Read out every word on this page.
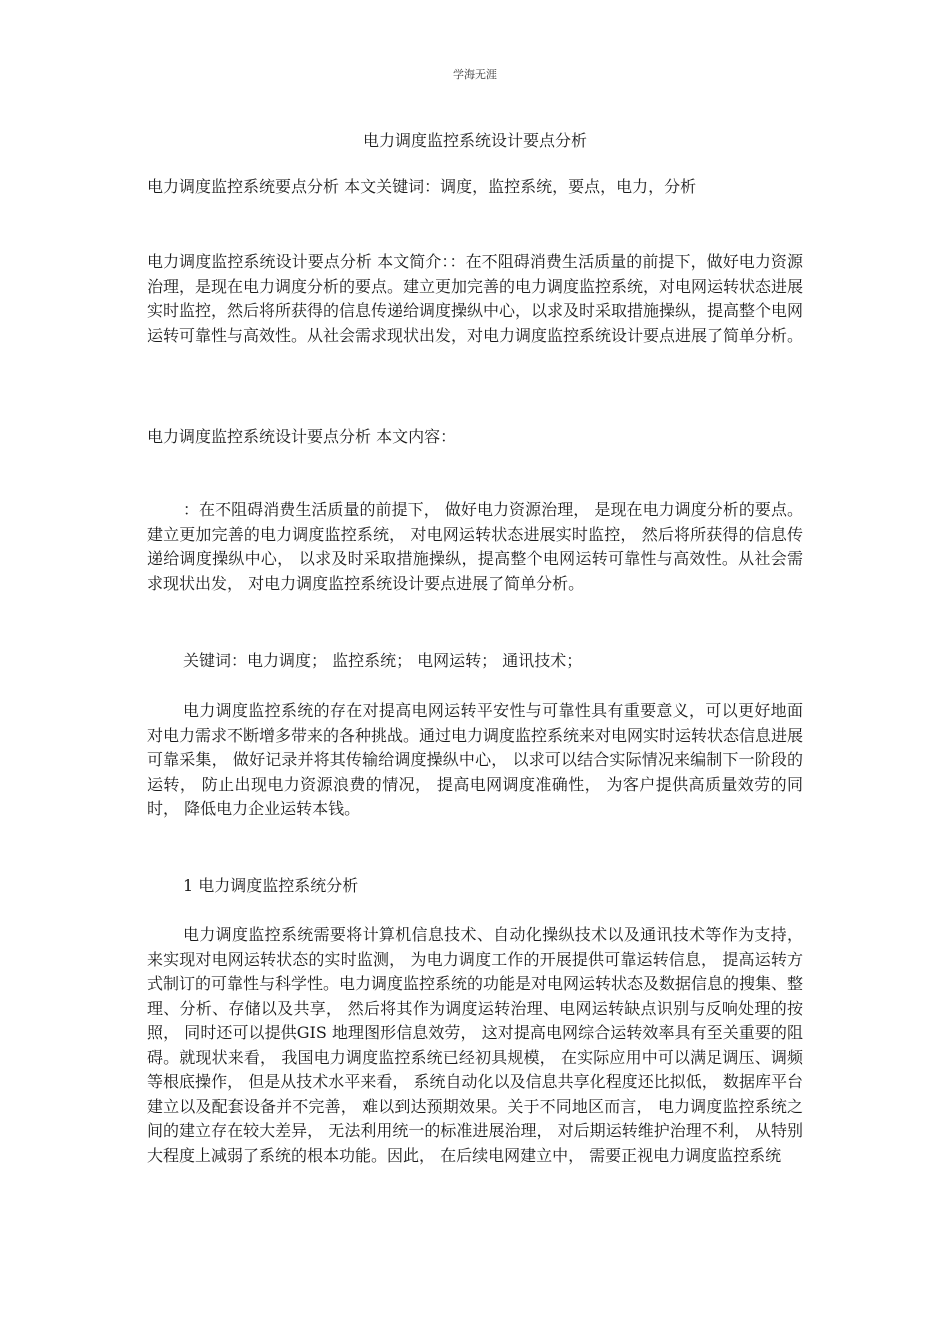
学海无涯
电力调度监控系统设计要点分析

电力调度监控系统要点分析 本文关键词：调度，监控系统，要点，电力，分析

电力调度监控系统设计要点分析 本文简介：：在不阻碍消费生活质量的前提下，做好电力资源治理，是现在电力调度分析的要点。建立更加完善的电力调度监控系统，对电网运转状态进展实时监控，然后将所获得的信息传递给调度操纵中心，以求及时采取措施操纵，提高整个电网运转可靠性与高效性。从社会需求现状出发，对电力调度监控系统设计要点进展了简单分析。

电力调度监控系统设计要点分析 本文内容：

：在不阻碍消费生活质量的前提下， 做好电力资源治理， 是现在电力调度分析的要点。建立更加完善的电力调度监控系统， 对电网运转状态进展实时监控， 然后将所获得的信息传递给调度操纵中心， 以求及时采取措施操纵，提高整个电网运转可靠性与高效性。从社会需求现状出发， 对电力调度监控系统设计要点进展了简单分析。

关键词：电力调度； 监控系统； 电网运转； 通讯技术；

电力调度监控系统的存在对提高电网运转平安性与可靠性具有重要意义，可以更好地面对电力需求不断增多带来的各种挑战。通过电力调度监控系统来对电网实时运转状态信息进展可靠采集， 做好记录并将其传输给调度操纵中心， 以求可以结合实际情况来编制下一阶段的运转， 防止出现电力资源浪费的情况， 提高电网调度准确性， 为客户提供高质量效劳的同时， 降低电力企业运转本钱。

1 电力调度监控系统分析

电力调度监控系统需要将计算机信息技术、自动化操纵技术以及通讯技术等作为支持， 来实现对电网运转状态的实时监测， 为电力调度工作的开展提供可靠运转信息， 提高运转方式制订的可靠性与科学性。电力调度监控系统的功能是对电网运转状态及数据信息的搜集、整理、分析、存储以及共享， 然后将其作为调度运转治理、电网运转缺点识别与反响处理的按照， 同时还可以提供GIS 地理图形信息效劳， 这对提高电网综合运转效率具有至关重要的阻碍。就现状来看， 我国电力调度监控系统已经初具规模， 在实际应用中可以满足调压、调频等根底操作， 但是从技术水平来看， 系统自动化以及信息共享化程度还比拟低， 数据库平台建立以及配套设备并不完善， 难以到达预期效果。关于不同地区而言， 电力调度监控系统之间的建立存在较大差异， 无法利用统一的标准进展治理， 对后期运转维护治理不利， 从特别大程度上减弱了系统的根本功能。因此， 在后续电网建立中， 需要正视电力调度监控系统
